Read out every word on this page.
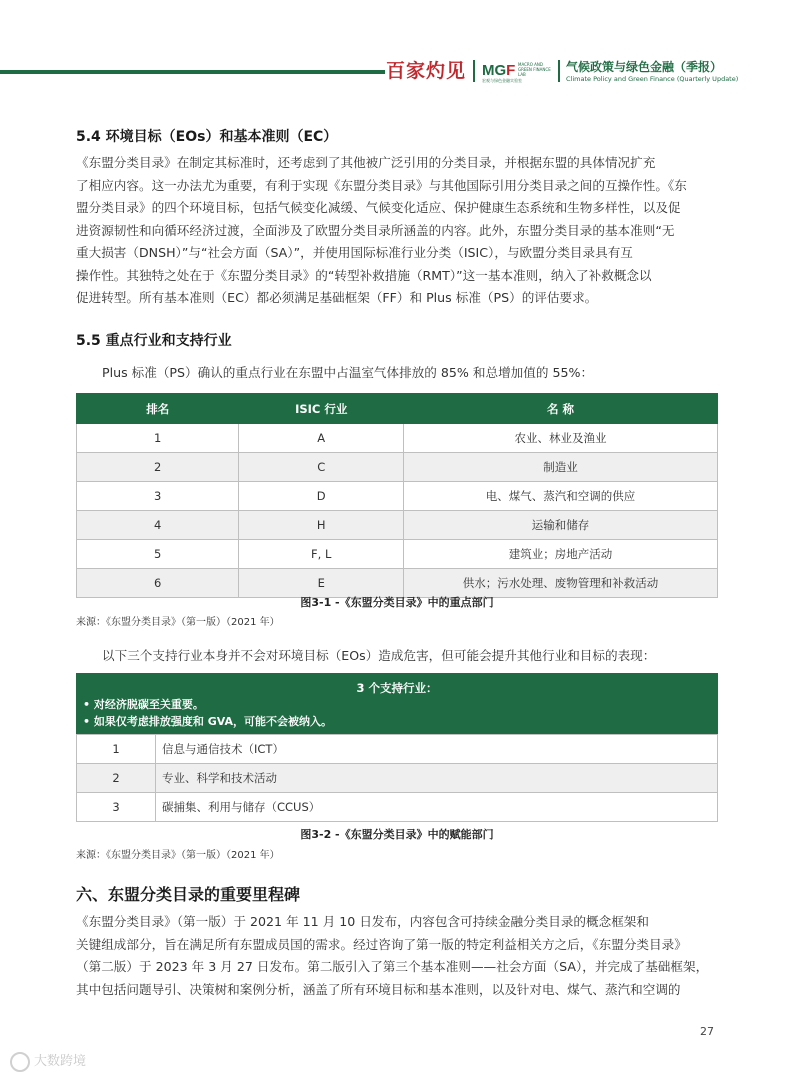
百家灼见 MGF MACRO AND GREEN FINANCE LAB
宏观与绿色金融实验室
气候政策与绿色金融（季报）
Climate Policy and Green Finance (Quarterly Update)
5.4 环境目标（EOs）和基本准则（EC）
《东盟分类目录》在制定其标准时，还考虑到了其他被广泛引用的分类目录，并根据东盟的具体情况扩充
了相应内容。这一办法尤为重要，有利于实现《东盟分类目录》与其他国际引用分类目录之间的互操作性。《东
盟分类目录》的四个环境目标，包括气候变化减缓、气候变化适应、保护健康生态系统和生物多样性，以及促
进资源韧性和向循环经济过渡，全面涉及了欧盟分类目录所涵盖的内容。此外，东盟分类目录的基本准则“无
重大损害（DNSH）”与“社会方面（SA）”，并使用国际标准行业分类（ISIC），与欧盟分类目录具有互
操作性。其独特之处在于《东盟分类目录》的“转型补救措施（RMT）”这一基本准则，纳入了补救概念以
促进转型。所有基本准则（EC）都必须满足基础框架（FF）和 Plus 标准（PS）的评估要求。
5.5 重点行业和支持行业
Plus 标准（PS）确认的重点行业在东盟中占温室气体排放的 85% 和总增加值的 55%：
排名	ISIC 行业	名 称
1	A	农业、林业及渔业
2	C	制造业
3	D	电、煤气、蒸汽和空调的供应
4	H	运输和储存
5	F, L	建筑业；房地产活动
6	E	供水；污水处理、废物管理和补救活动
图3-1 -《东盟分类目录》中的重点部门
来源：《东盟分类目录》（第一版）（2021 年）
以下三个支持行业本身并不会对环境目标（EOs）造成危害，但可能会提升其他行业和目标的表现：
3 个支持行业：
• 对经济脱碳至关重要。
• 如果仅考虑排放强度和 GVA，可能不会被纳入。
1	信息与通信技术（ICT）
2	专业、科学和技术活动
3	碳捕集、利用与储存（CCUS）
图3-2 -《东盟分类目录》中的赋能部门
来源：《东盟分类目录》（第一版）（2021 年）
六、东盟分类目录的重要里程碑
《东盟分类目录》（第一版）于 2021 年 11 月 10 日发布，内容包含可持续金融分类目录的概念框架和
关键组成部分，旨在满足所有东盟成员国的需求。经过咨询了第一版的特定利益相关方之后，《东盟分类目录》
（第二版）于 2023 年 3 月 27 日发布。第二版引入了第三个基本准则——社会方面（SA），并完成了基础框架，
其中包括问题导引、决策树和案例分析，涵盖了所有环境目标和基本准则，以及针对电、煤气、蒸汽和空调的
27
大数跨境
